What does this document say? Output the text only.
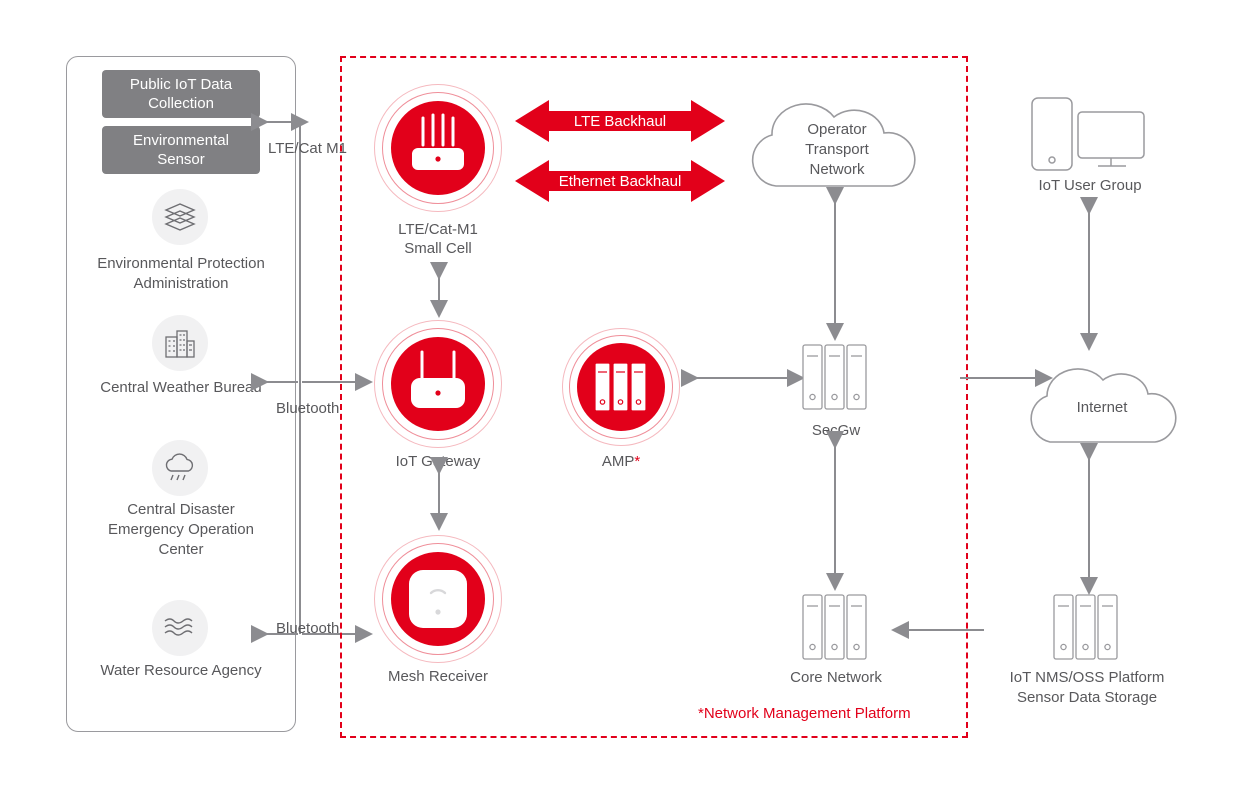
Public IoT Data Collection
Environmental Sensor
Environmental Protection Administration
Central Weather Bureau
Central Disaster Emergency Operation Center
Water Resource Agency
LTE/Cat M1
Bluetooth
Bluetooth
LTE/Cat-M1
Small Cell
IoT Gateway	AMP*
Mesh Receiver
LTE Backhaul
Ethernet Backhaul
Operator
Transport
Network
SecGw
Core Network
IoT User Group
Internet
IoT NMS/OSS Platform
Sensor Data Storage
*Network Management Platform
